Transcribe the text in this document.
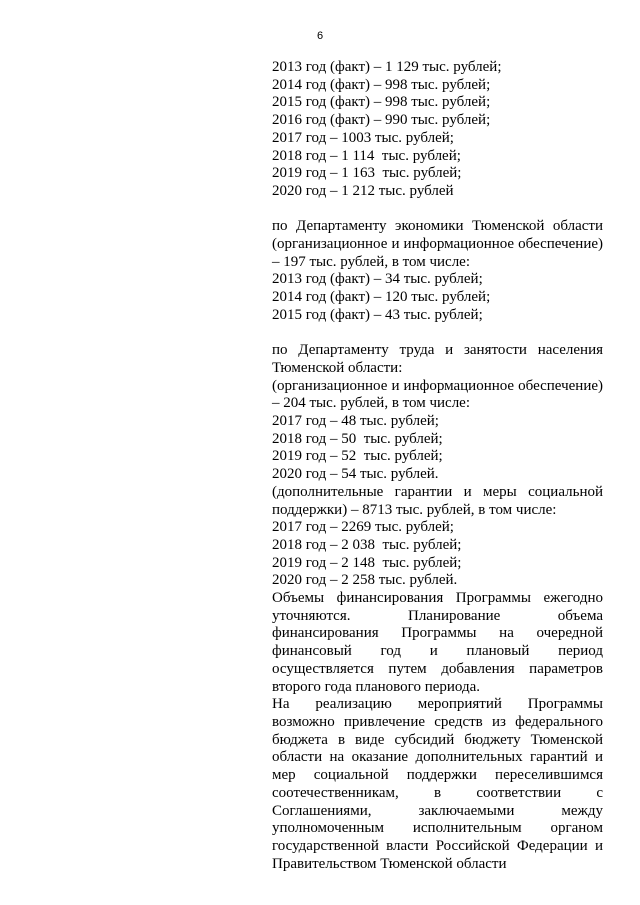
6
2013 год (факт) – 1 129 тыс. рублей;
2014 год (факт) – 998 тыс. рублей;
2015 год (факт) – 998 тыс. рублей;
2016 год (факт) – 990 тыс. рублей;
2017 год – 1003 тыс. рублей;
2018 год – 1 114  тыс. рублей;
2019 год – 1 163  тыс. рублей;
2020 год – 1 212 тыс. рублей

по Департаменту экономики Тюменской области (организационное и информационное обеспечение) – 197 тыс. рублей, в том числе:

2013 год (факт) – 34 тыс. рублей;
2014 год (факт) – 120 тыс. рублей;
2015 год (факт) – 43 тыс. рублей;

по Департаменту труда и занятости населения Тюменской области:

(организационное и информационное обеспечение) – 204 тыс. рублей, в том числе:

2017 год – 48 тыс. рублей;
2018 год – 50  тыс. рублей;
2019 год – 52  тыс. рублей;
2020 год – 54 тыс. рублей.

(дополнительные гарантии и меры социальной поддержки) – 8713 тыс. рублей, в том числе:

2017 год – 2269 тыс. рублей;
2018 год – 2 038  тыс. рублей;
2019 год – 2 148  тыс. рублей;
2020 год – 2 258 тыс. рублей.

Объемы финансирования Программы ежегодно уточняются. Планирование объема финансирования Программы на очередной финансовый год и плановый период осуществляется путем добавления параметров второго года планового периода.

На реализацию мероприятий Программы возможно привлечение средств из федерального бюджета в виде субсидий бюджету Тюменской области на оказание дополнительных гарантий и мер социальной поддержки переселившимся соотечественникам, в соответствии с Соглашениями, заключаемыми между уполномоченным исполнительным органом государственной власти Российской Федерации и Правительством Тюменской области
